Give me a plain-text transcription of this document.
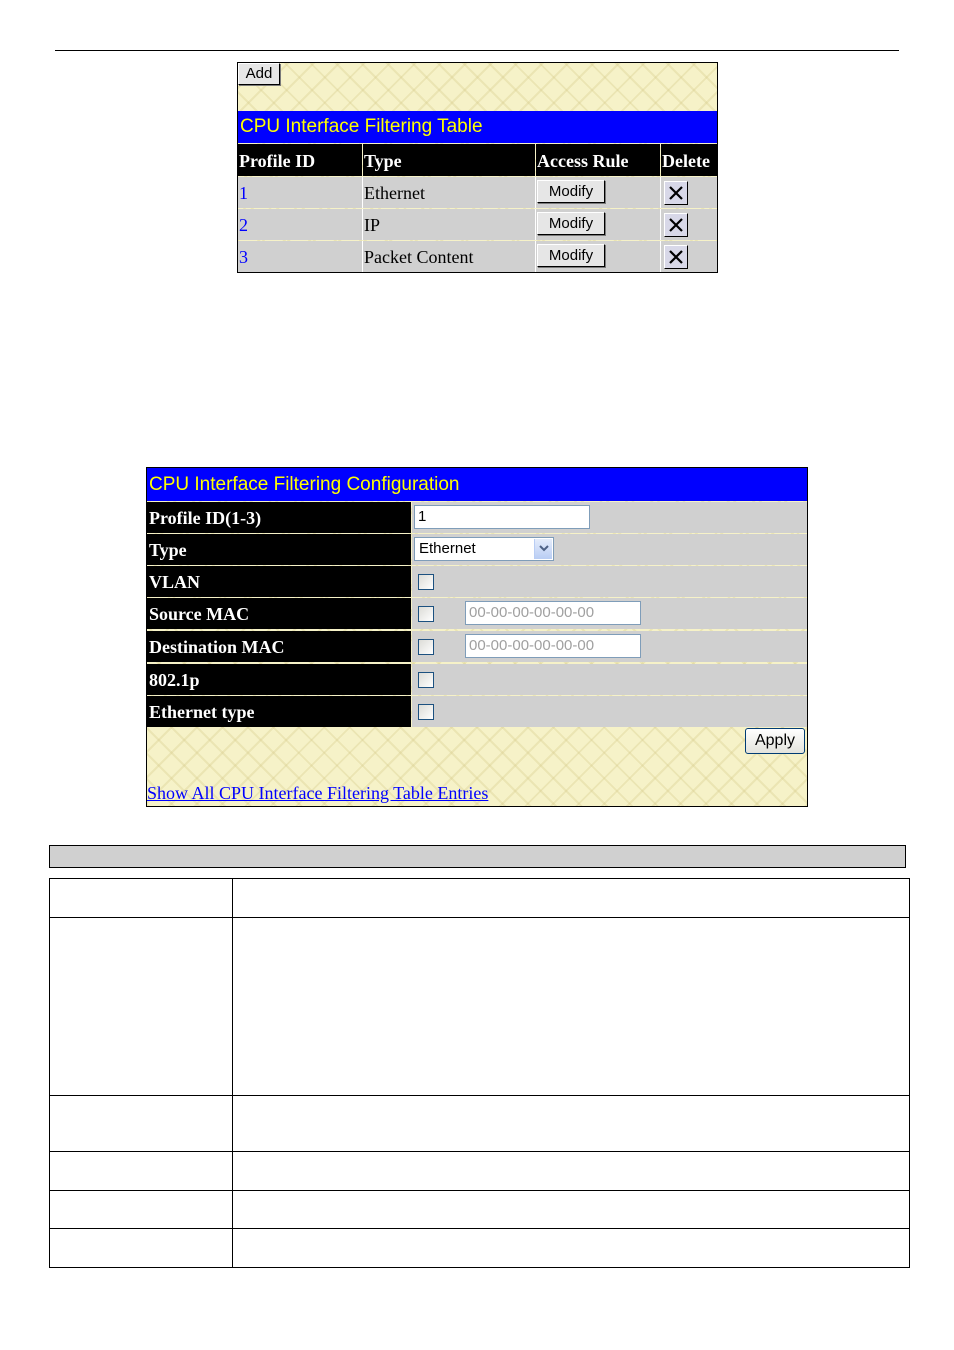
Add
CPU Interface Filtering Table
Profile ID	Type	Access Rule	Delete
1	Ethernet	Modify
2	IP	Modify
3	Packet Content	Modify
CPU Interface Filtering Configuration
Profile ID(1-3)	1
Type	Ethernet
VLAN
Source MAC	00-00-00-00-00-00
Destination MAC	00-00-00-00-00-00
802.1p
Ethernet type
Apply
Show All CPU Interface Filtering Table Entries
